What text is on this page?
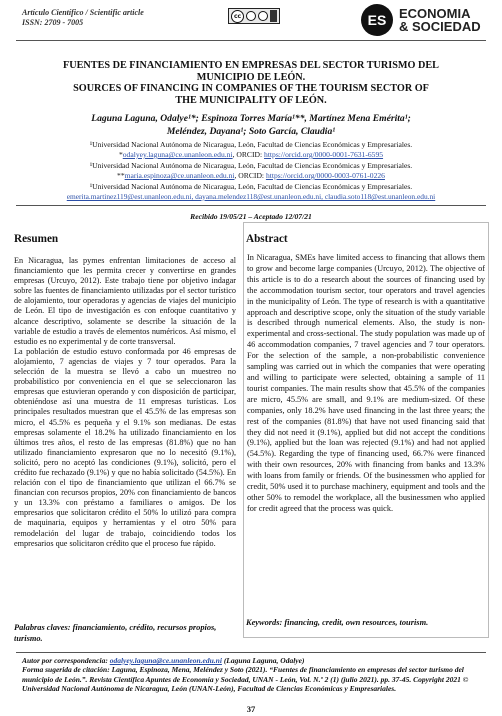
Artículo Científico / Scientific article
ISSN: 2709 - 7005
cc	ES ECONOMIA
& SOCIEDAD
FUENTES DE FINANCIAMIENTO EN EMPRESAS DEL SECTOR TURISMO DEL
MUNICIPIO DE LEÓN.
SOURCES OF FINANCING IN COMPANIES OF THE TOURISM SECTOR OF
THE MUNICIPALITY OF LEÓN.
Laguna Laguna, Odalye¹*; Espinoza Torres María¹**, Martínez Mena Emérita¹;
Meléndez, Dayana¹; Soto García, Claudia¹
¹Universidad Nacional Autónoma de Nicaragua, León, Facultad de Ciencias Económicas y Empresariales.
*odalyey.laguna@ce.unanleon.edu.ni, ORCID: https://orcid.org/0000-0001-7631-6595
¹Universidad Nacional Autónoma de Nicaragua, León, Facultad de Ciencias Económicas y Empresariales.
**maria.espinoza@ce.unanleon.edu.ni, ORCID: https://orcid.org/0000-0003-0761-0226
¹Universidad Nacional Autónoma de Nicaragua, León, Facultad de Ciencias Económicas y Empresariales.
emerita.martinez119@est.unanleon.edu.ni, dayana.melendez118@est.unanleon.edu.ni, claudia.soto118@est.unanleon.edu.ni
Recibido 19/05/21 – Aceptado 12/07/21
Resumen

En Nicaragua, las pymes enfrentan limitaciones de acceso al financiamiento que les permita crecer y convertirse en grandes empresas (Urcuyo, 2012). Este trabajo tiene por objetivo indagar sobre las fuentes de financiamiento utilizadas por el sector turístico de alojamiento, tour operadoras y agencias de viajes del municipio de León. El tipo de investigación es con enfoque cuantitativo y alcance descriptivo, solamente se describe la situación de la variable de estudio a través de elementos numéricos. Así mismo, el estudio es no experimental y de corte transversal.

La población de estudio estuvo conformada por 46 empresas de alojamiento, 7 agencias de viajes y 7 tour operados. Para la selección de la muestra se llevó a cabo un muestreo no probabilístico por conveniencia en el que se seleccionaron las empresas que estuvieran operando y con disposición de participar, obteniéndose así una muestra de 11 empresas turísticas. Los principales resultados muestran que el 45.5% de las empresas son micro, el 45.5% es pequeña y el 9.1% son medianas. De estas empresas solamente el 18.2% ha utilizado financiamiento en los últimos tres años, el resto de las empresas (81.8%) que no han utilizado financiamiento expresaron que no lo necesitó (9.1%), solicitó, pero no aceptó las condiciones (9.1%), solicitó, pero el crédito fue rechazado (9.1%) y que no había solicitado (54.5%). En relación con el tipo de financiamiento que utilizan el 66.7% se financian con recursos propios, 20% con financiamiento de bancos y un 13.3% con préstamo a familiares o amigos. De los empresarios que solicitaron crédito el 50% lo utilizó para compra de maquinaria, equipos y herramientas y el otro 50% para remodelación del lugar de trabajo, coincidiendo todos los empresarios que solicitaron crédito que el proceso fue rápido.

Palabras claves: financiamiento, crédito, recursos propios, turismo.
Abstract
In Nicaragua, SMEs have limited access to financing that allows them to grow and become large companies (Urcuyo, 2012). The objective of this article is to do a research about the sources of financing used by the accommodation tourism sector, tour operators and travel agencies in the municipality of León. The type of research is with a quantitative approach and descriptive scope, only the situation of the study variable is described through numerical elements. Also, the study is non-experimental and cross-sectional. The study population was made up of 46 accommodation companies, 7 travel agencies and 7 tour operators. For the selection of the sample, a non-probabilistic convenience sampling was carried out in which the companies that were operating and willing to participate were selected, obtaining a sample of 11 tourist companies. The main results show that 45.5% of the companies are micro, 45.5% are small, and 9.1% are medium-sized. Of these companies, only 18.2% have used financing in the last three years; the rest of the companies (81.8%) that have not used financing said that they did not need it (9.1%), applied but did not accept the conditions (9.1%), applied but the loan was rejected (9.1%) and had not applied (54.5%). Regarding the type of financing used, 66.7% were financed with their own resources, 20% with financing from banks and 13.3% with loans from family or friends. Of the businessmen who applied for credit, 50% used it to purchase machinery, equipment and tools and the other 50% to remodel the workplace, all the businessmen who applied for credit agreed that the process was quick.
Keywords: financing, credit, own resources, tourism.
Autor por correspondencia: odalyey.laguna@ce.unanleon.edu.ni (Laguna Laguna, Odalye)
Forma sugerida de citación: Laguna, Espinoza, Mena, Meléndez y Soto (2021). “Fuentes de financiamiento en empresas del sector turismo del municipio de León.”. Revista Científica Apuntes de Economía y Sociedad, UNAN - León, Vol. N.º 2 (1) (julio 2021). pp. 37-45. Copyright 2021 © Universidad Nacional Autónoma de Nicaragua, León (UNAN-León), Facultad de Ciencias Económicas y Empresariales.
37
